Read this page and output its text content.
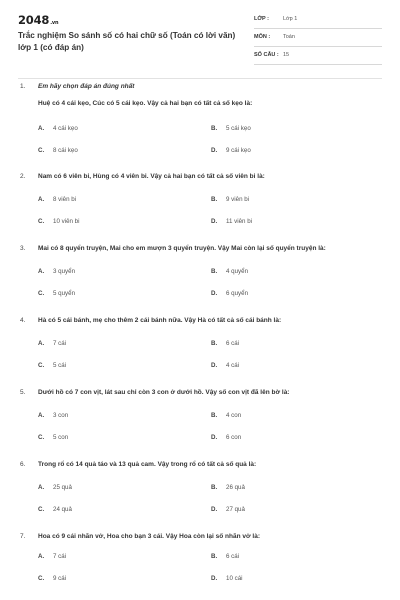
2048.vn
Trắc nghiệm So sánh số có hai chữ số (Toán có lời văn) lớp 1 (có đáp án)
LỚP :	Lớp 1
MÔN : Toán
SỐ CÂU : 15
1. Em hãy chọn đáp án đúng nhất
Huệ có 4 cái kẹo, Cúc có 5 cái kẹo. Vậy cả hai bạn có tất cả số kẹo là:
A. 4 cái kẹo	B. 5 cái kẹo
C. 8 cái kẹo	D. 9 cái kẹo
2. Nam có 6 viên bi, Hùng có 4 viên bi. Vậy cả hai bạn có tất cả số viên bi là:
A. 8 viên bi	B. 9 viên bi
C. 10 viên bi	D. 11 viên bi
3. Mai có 8 quyển truyện, Mai cho em mượn 3 quyển truyện. Vậy Mai còn lại số quyển truyện là:
A. 3 quyển	B. 4 quyển
C. 5 quyển	D. 6 quyển
4. Hà có 5 cái bánh, mẹ cho thêm 2 cái bánh nữa. Vậy Hà có tất cả số cái bánh là:
A. 7 cái	B. 6 cái
C. 5 cái	D. 4 cái
5. Dưới hồ có 7 con vịt, lát sau chỉ còn 3 con ở dưới hồ. Vậy số con vịt đã lên bờ là:
A. 3 con	B. 4 con
C. 5 con	D. 6 con
6. Trong rổ có 14 quả táo và 13 quả cam. Vậy trong rổ có tất cả số quả là:
A. 25 quả	B. 26 quả
C. 24 quả	D. 27 quả
7. Hoa có 9 cái nhãn vở, Hoa cho bạn 3 cái. Vậy Hoa còn lại số nhãn vở là:
A. 7 cái	B. 6 cái
C. 9 cái	D. 10 cái
